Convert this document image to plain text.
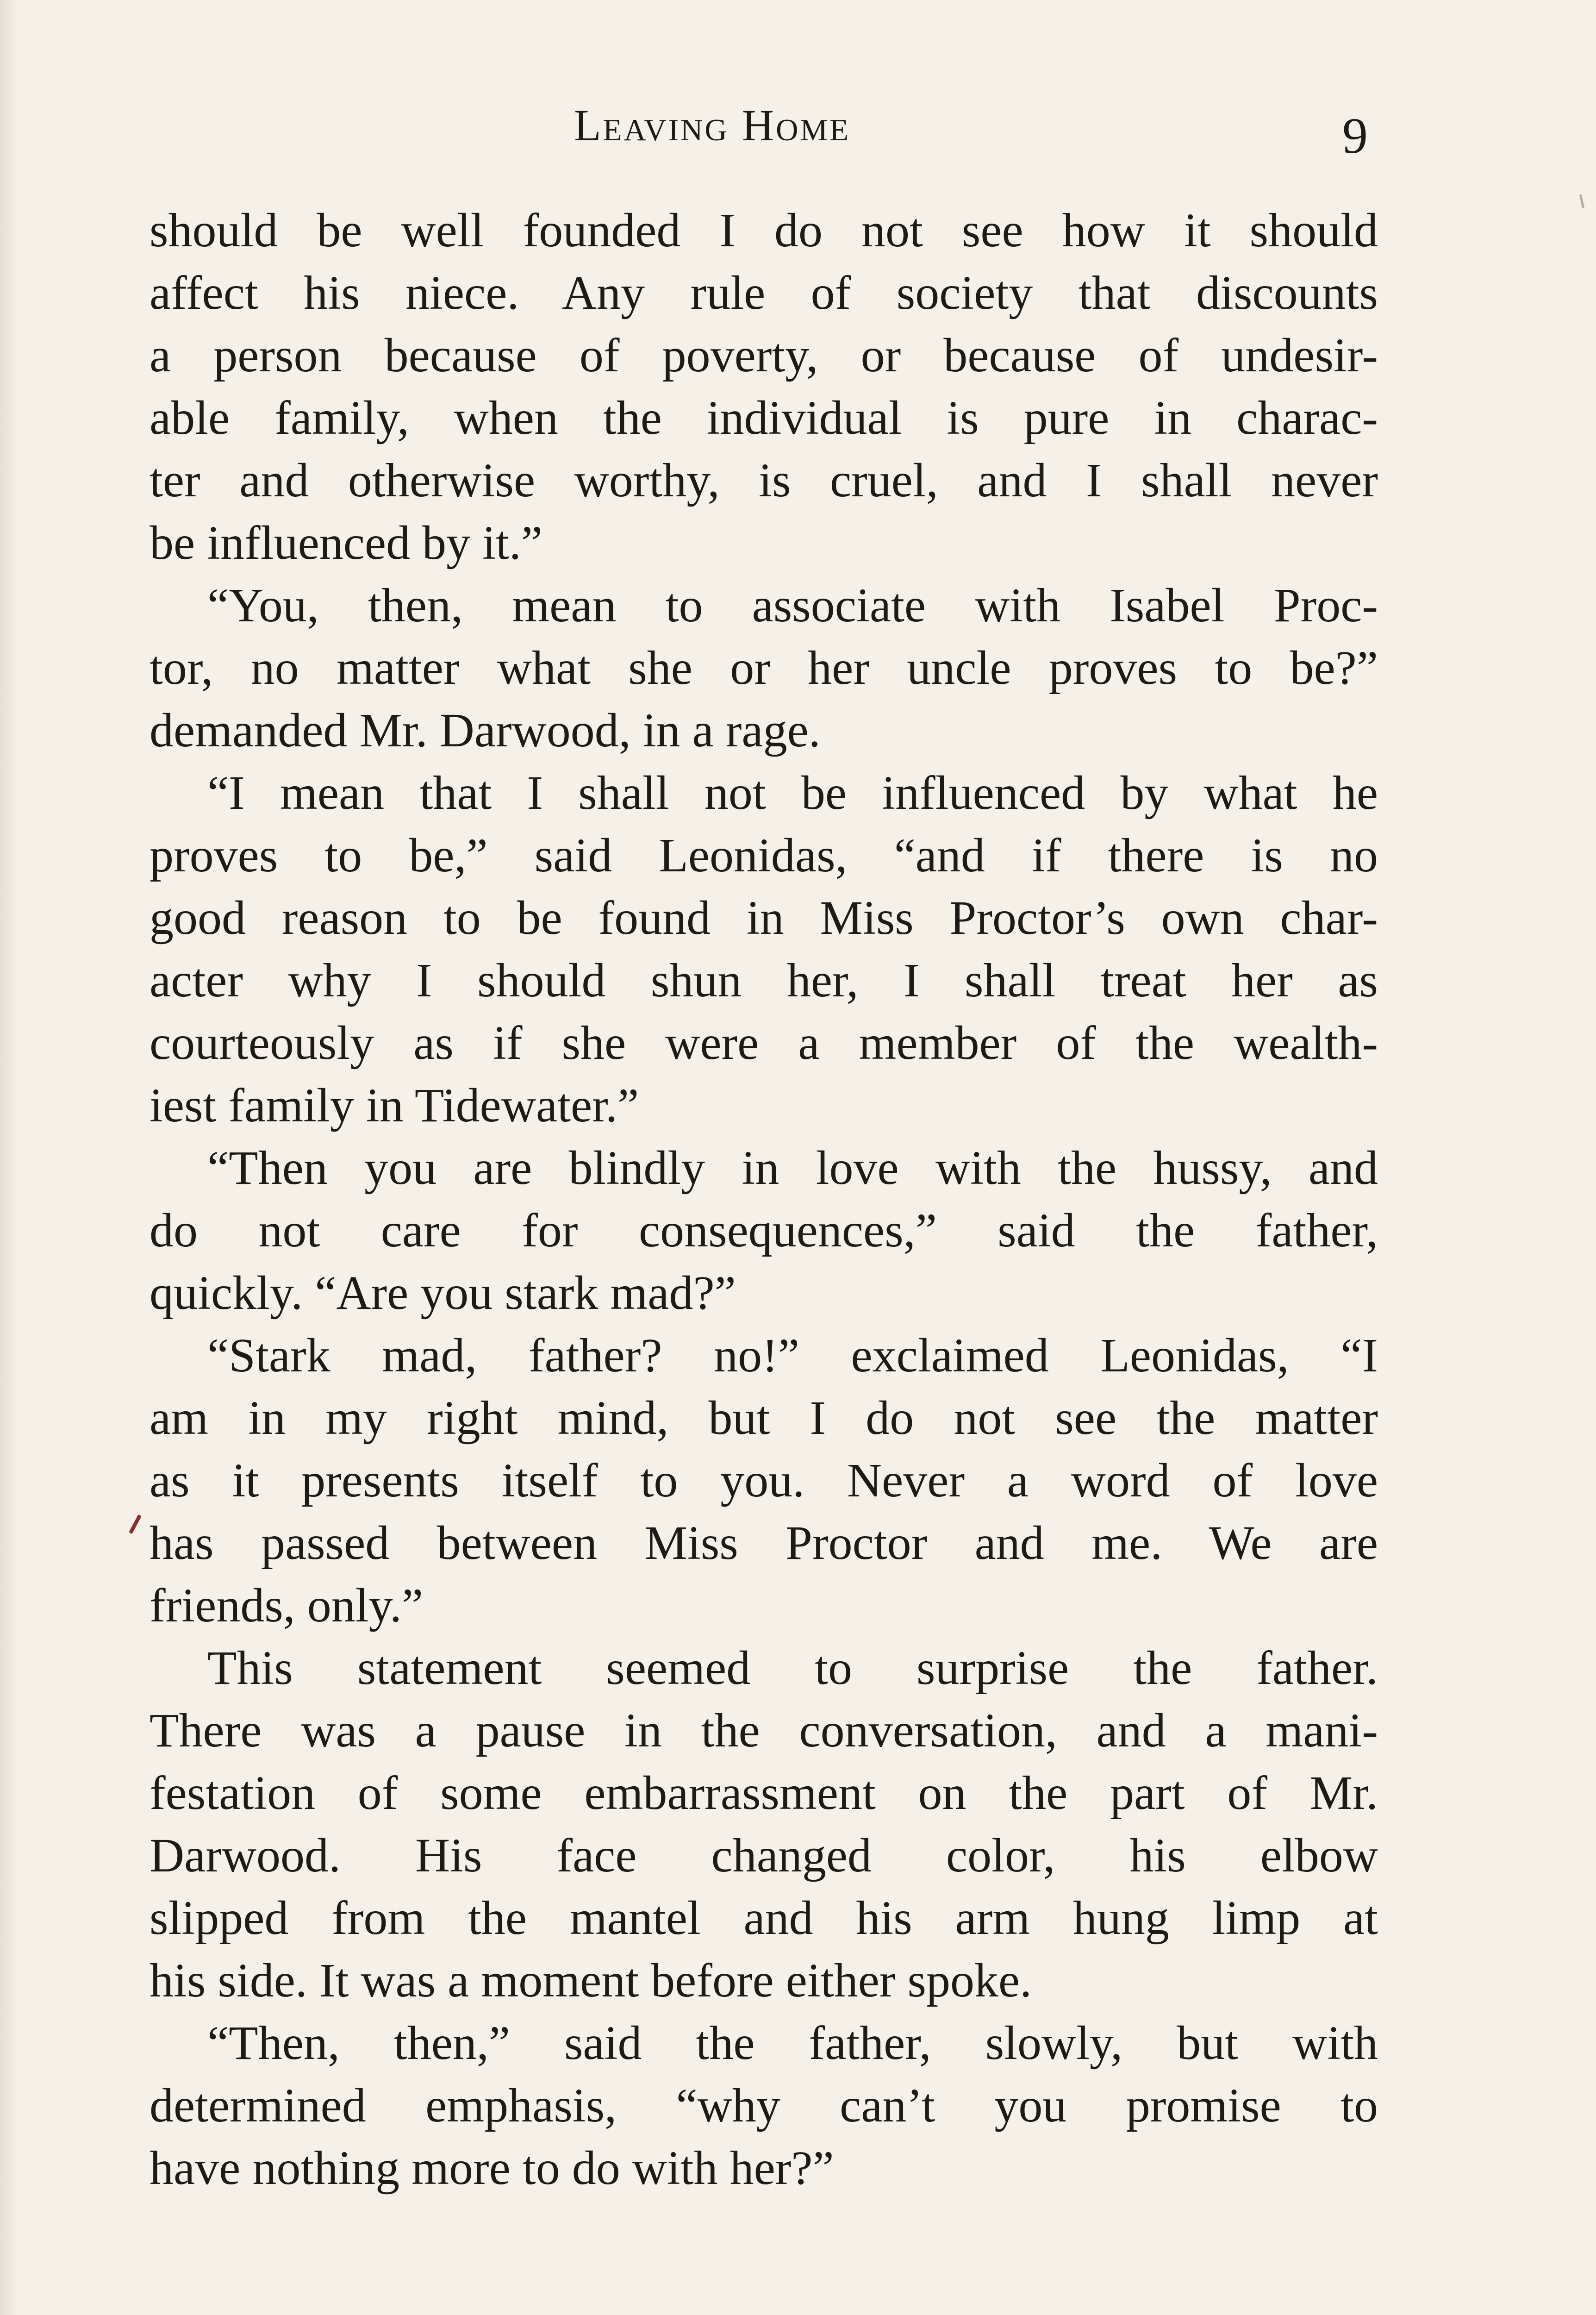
Leaving Home	9
should be well founded I do not see how it should
affect his niece. Any rule of society that discounts
a person because of poverty, or because of undesir-
able family, when the individual is pure in charac-
ter and otherwise worthy, is cruel, and I shall never
be influenced by it.”
“You, then, mean to associate with Isabel Proc-
tor, no matter what she or her uncle proves to be?”
demanded Mr. Darwood, in a rage.
“I mean that I shall not be influenced by what he
proves to be,” said Leonidas, “and if there is no
good reason to be found in Miss Proctor’s own char-
acter why I should shun her, I shall treat her as
courteously as if she were a member of the wealth-
iest family in Tidewater.”
“Then you are blindly in love with the hussy, and
do not care for consequences,” said the father,
quickly. “Are you stark mad?”
“Stark mad, father? no!” exclaimed Leonidas, “I
am in my right mind, but I do not see the matter
as it presents itself to you. Never a word of love
has passed between Miss Proctor and me. We are
friends, only.”
This statement seemed to surprise the father.
There was a pause in the conversation, and a mani-
festation of some embarrassment on the part of Mr.
Darwood. His face changed color, his elbow
slipped from the mantel and his arm hung limp at
his side. It was a moment before either spoke.
“Then, then,” said the father, slowly, but with
determined emphasis, “why can’t you promise to
have nothing more to do with her?”
